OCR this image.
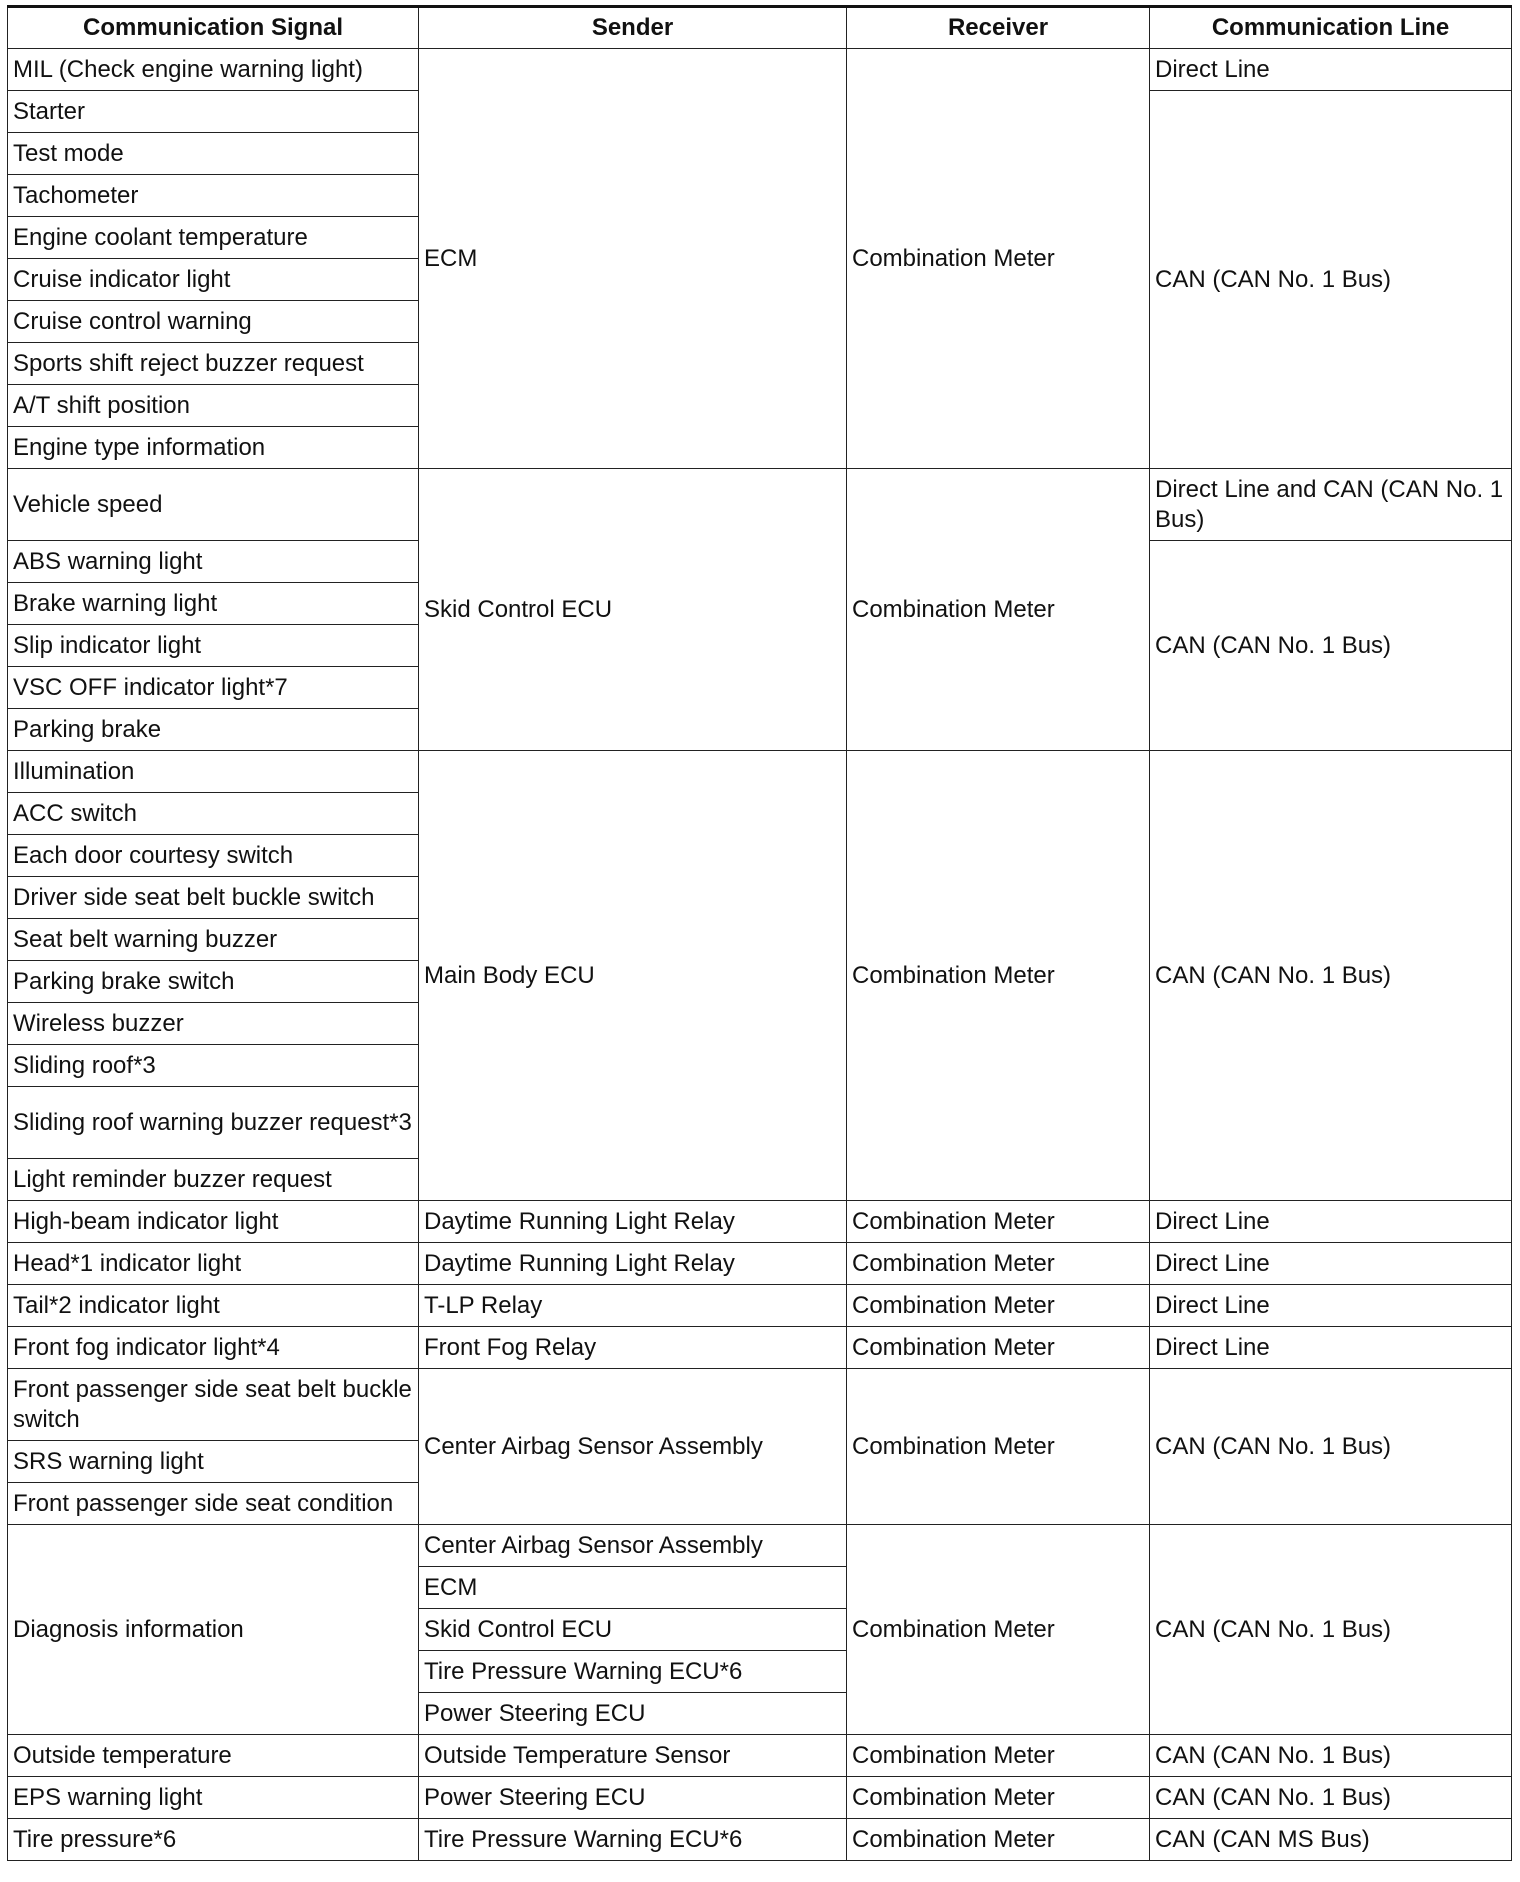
Communication Signal	Sender	Receiver	Communication Line
MIL (Check engine warning light)	ECM	Combination Meter	Direct Line
Starter			CAN (CAN No. 1 Bus)
Test mode			
Tachometer			
Engine coolant temperature			
Cruise indicator light			
Cruise control warning			
Sports shift reject buzzer request			
A/T shift position			
Engine type information			
Vehicle speed	Skid Control ECU	Combination Meter	Direct Line and CAN (CAN No. 1 Bus)
ABS warning light			CAN (CAN No. 1 Bus)
Brake warning light			
Slip indicator light			
VSC OFF indicator light*7			
Parking brake			
Illumination	Main Body ECU	Combination Meter	CAN (CAN No. 1 Bus)
ACC switch			
Each door courtesy switch			
Driver side seat belt buckle switch			
Seat belt warning buzzer			
Parking brake switch			
Wireless buzzer			
Sliding roof*3			
Sliding roof warning buzzer request*3			
Light reminder buzzer request			
High-beam indicator light	Daytime Running Light Relay	Combination Meter	Direct Line
Head*1 indicator light	Daytime Running Light Relay	Combination Meter	Direct Line
Tail*2 indicator light	T-LP Relay	Combination Meter	Direct Line
Front fog indicator light*4	Front Fog Relay	Combination Meter	Direct Line
Front passenger side seat belt buckle switch	Center Airbag Sensor Assembly	Combination Meter	CAN (CAN No. 1 Bus)
SRS warning light			
Front passenger side seat condition			
Diagnosis information	Center Airbag Sensor Assembly	Combination Meter	CAN (CAN No. 1 Bus)
	ECM		
	Skid Control ECU		
	Tire Pressure Warning ECU*6		
	Power Steering ECU		
Outside temperature	Outside Temperature Sensor	Combination Meter	CAN (CAN No. 1 Bus)
EPS warning light	Power Steering ECU	Combination Meter	CAN (CAN No. 1 Bus)
Tire pressure*6	Tire Pressure Warning ECU*6	Combination Meter	CAN (CAN MS Bus)
